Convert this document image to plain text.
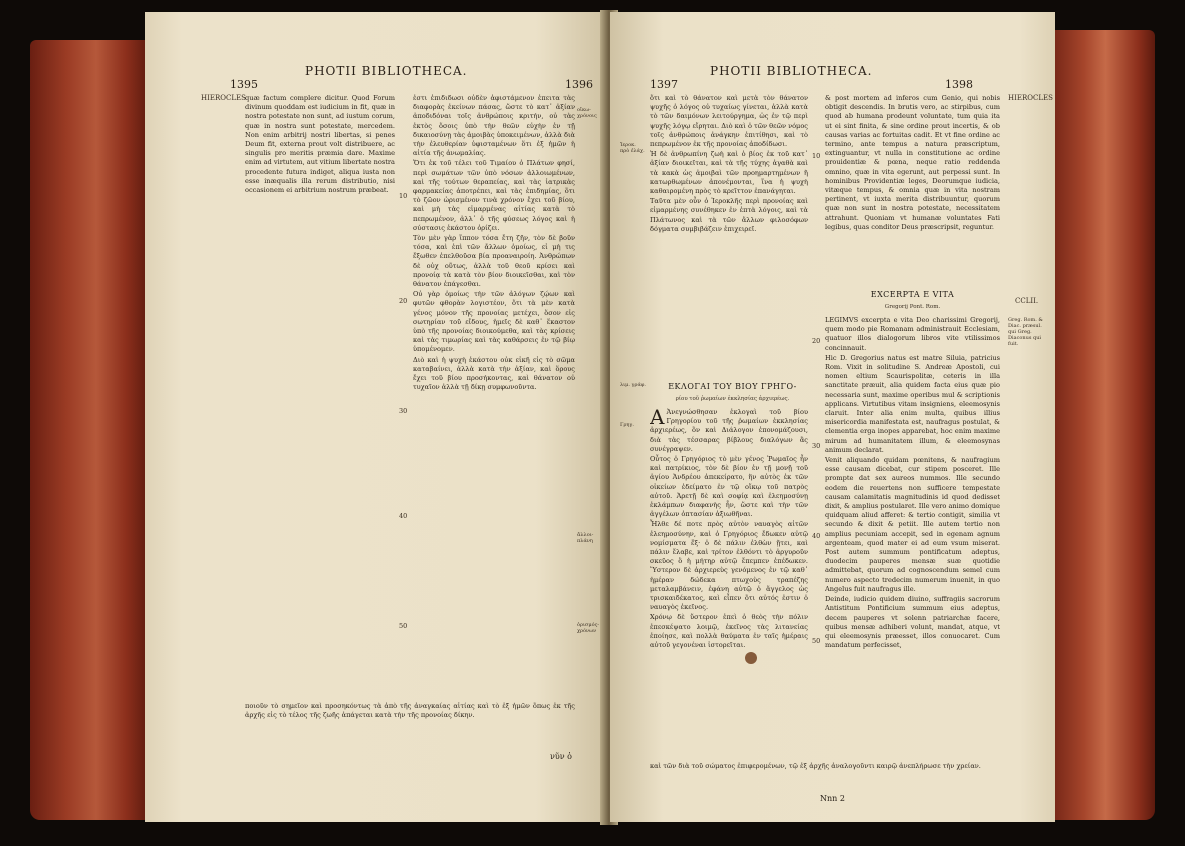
1395
PHOTII BIBLIOTHECA.
1396
HIEROCLES quæ factum complere dicitur. Quod Forum divinum quoddam est iudicium in fit, quæ in nostra potestate non sunt, ad iustum corum, quæ in nostra sunt potestate, mercedem. Non enim arbitrij nostri libertas, si penes Deum fit, externa prout volt distribuere, ac singulis pro meritis præmia dare. Maxime enim ad virtutem, aut vitium libertate nostra procedente futura indiget, aliqua iusta non esse inæqualis illa rerum distributio, nisi occasionem ei arbitrium nostrum præbeat.

ἐστι ἐπιδιδωσι οὐδὲν ἀφιστάμενον ἐπειτα τὰς διαφορὰς ἐκείνων πάσας, ὥστε τὸ κατ᾽ ἀξίαν ἀποδιδόναι τοῖς ἀνθρώποις κριτήν, οὐ τὰς ἐκτὸς ὅσοις ὑπὸ τὴν θεῶν εὐχὴν ἐν τῇ δικαιοσύνῃ τὰς ἀμοιβὰς ὑποκειμένων, ἀλλὰ διὰ τὴν ἐλευθερίαν ὑφισταμένων ὅτι ἐξ ἡμῶν ἡ αἰτία τῆς ἀνωμαλίας.

Ὅτι ἐκ τοῦ τέλει τοῦ Τιμαίου ὁ Πλάτων φησί, περὶ σωμάτων τῶν ὑπὸ νόσων ἀλλοιωμένων, καὶ τῆς τούτων θεραπείας, καὶ τὰς ἰατρικὰς φαρμακείας ἀποτρέπει, καὶ τὰς ἐπιδημίας, ὅτι τὸ ζῶον ὡρισμένον τινὰ χρόνον ἔχει τοῦ βίου, καὶ μὴ τὰς εἱμαρμένας αἰτίας κατὰ τὸ πεπρωμένον, ἀλλ᾽ ὁ τῆς φύσεως λόγος καὶ ἡ σύστασις ἑκάστου ὁρίζει.

Τὸν μὲν γὰρ ἵππον τόσα ἔτη ζῆν, τὸν δὲ βοῦν τόσα, καὶ ἐπὶ τῶν ἄλλων ὁμοίως, εἰ μὴ τις ἔξωθεν ἐπελθοῦσα βία προαναιροίη. Ἀνθρώπων δὲ οὐχ οὕτως, ἀλλὰ τοῦ θεοῦ κρίσει καὶ προνοίᾳ τὰ κατὰ τὸν βίον διοικεῖσθαι, καὶ τὸν θάνατον ἐπάγεσθαι.

Οὐ γὰρ ὁμοίως τὴν τῶν ἀλόγων ζῴων καὶ φυτῶν φθορὰν λογιστέον, ὅτι τὰ μὲν κατὰ γένος μόνον τῆς προνοίας μετέχει, ὅσον εἰς σωτηρίαν τοῦ εἴδους, ἡμεῖς δὲ καθ᾽ ἕκαστον ὑπὸ τῆς προνοίας διοικούμεθα, καὶ τὰς κρίσεις καὶ τὰς τιμωρίας καὶ τὰς καθάρσεις ἐν τῷ βίῳ ὑπομένομεν.

Διὸ καὶ ἡ ψυχὴ ἑκάστου οὐκ εἰκῆ εἰς τὸ σῶμα καταβαίνει, ἀλλὰ κατὰ τὴν ἀξίαν, καὶ ὅρους ἔχει τοῦ βίου προσήκοντας, καὶ θάνατον οὐ τυχαῖον ἀλλὰ τῇ δίκῃ συμφωνοῦντα.

10
20
30
40
50
οἴκω-χρόνοις
ἄλλοι-πλάνη
ὁρισμός-χρόνων
ποιοῦν τὸ σημεῖον καὶ προσηκόντως τὰ ἀπὸ τῆς ἀναγκαίας αἰτίας καὶ τὸ ἐξ ἡμῶν ὅπως ἐκ τῆς ἀρχῆς εἰς τὸ τέλος τῆς ζωῆς ἀπάγεται κατὰ τὴν τῆς προνοίας δίκην.
νῦν ὁ
1397
PHOTII BIBLIOTHECA.
1398

ὅτι καὶ τὸ θάνατον καὶ μετὰ τὸν θάνατον ψυχῆς ὁ λόγος οὐ τυχαίως γίνεται, ἀλλὰ κατὰ τὸ τῶν δαιμόνων λειτούργημα, ὡς ἐν τῷ περὶ ψυχῆς λόγῳ εἴρηται. Διὸ καὶ ὁ τῶν θεῶν νόμος τοῖς ἀνθρώποις ἀνάγκην ἐπιτίθησι, καὶ τὸ πεπρωμένον ἐκ τῆς προνοίας ἀποδίδωσι.

Ἡ δὲ ἀνθρωπίνη ζωὴ καὶ ὁ βίος ἐκ τοῦ κατ᾽ ἀξίαν διοικεῖται, καὶ τὰ τῆς τύχης ἀγαθὰ καὶ τὰ κακὰ ὡς ἀμοιβαὶ τῶν προημαρτημένων ἢ κατωρθωμένων ἀπονέμονται, ἵνα ἡ ψυχὴ καθαιρομένη πρὸς τὸ κρεῖττον ἐπανάγηται.

Ταῦτα μὲν οὖν ὁ Ἱεροκλῆς περὶ προνοίας καὶ εἱμαρμένης συνέθηκεν ἐν ἑπτὰ λόγοις, καὶ τὰ Πλάτωνος καὶ τὰ τῶν ἄλλων φιλοσόφων δόγματα συμβιβάζειν ἐπιχειρεῖ.

ΕΚΛΟΓΑΙ ΤΟΥ ΒΙΟΥ ΓΡΗΓΟ-
ρίου τοῦ ῥωμαίων ἐκκλησίας ἀρχιερέως.

Α Ἀνεγνώσθησαν ἐκλογαὶ τοῦ βίου Γρηγορίου τοῦ τῆς ῥωμαίων ἐκκλησίας ἀρχιερέως, ὃν καὶ Διάλογον ἐπονομάζουσι, διὰ τὰς τέσσαρας βίβλους διαλόγων ἃς συνέγραψεν.

Οὗτος ὁ Γρηγόριος τὸ μὲν γένος Ῥωμαῖος ἦν καὶ πατρίκιος, τὸν δὲ βίον ἐν τῇ μονῇ τοῦ ἁγίου Ἀνδρέου ἀπεκείρατο, ἣν αὐτὸς ἐκ τῶν οἰκείων ἐδείματο ἐν τῷ οἴκῳ τοῦ πατρὸς αὐτοῦ. Ἀρετῇ δὲ καὶ σοφίᾳ καὶ ἐλεημοσύνῃ ἐκλάμπων διαφανὴς ἦν, ὥστε καὶ τὴν τῶν ἀγγέλων ὀπτασίαν ἀξιωθῆναι.

Ἦλθε δέ ποτε πρὸς αὐτὸν ναυαγὸς αἰτῶν ἐλεημοσύνην, καὶ ὁ Γρηγόριος ἔδωκεν αὐτῷ νομίσματα ἕξ· ὁ δὲ πάλιν ἐλθὼν ᾔτει, καὶ πάλιν ἔλαβε, καὶ τρίτον ἐλθόντι τὸ ἀργυροῦν σκεῦος ὃ ἡ μήτηρ αὐτῷ ἔπεμπεν ἐπέδωκεν. Ὕστερον δὲ ἀρχιερεὺς γενόμενος ἐν τῷ καθ᾽ ἡμέραν δώδεκα πτωχοὺς τραπέζης μεταλαμβάνειν, ἐφάνη αὐτῷ ὁ ἄγγελος ὡς τρισκαιδέκατος, καὶ εἶπεν ὅτι αὐτός ἐστιν ὁ ναυαγὸς ἐκεῖνος.

Χρόνῳ δὲ ὕστερον ἐπεὶ ὁ θεὸς τὴν πόλιν ἐπεσκέψατο λοιμῷ, ἐκεῖνος τὰς λιτανείας ἐποίησε, καὶ πολλὰ θαύματα ἐν ταῖς ἡμέραις αὐτοῦ γεγονέναι ἱστορεῖται.

10
20
30
40
50
Ἱεροκ. πρὸ ἐλάχ.
λιμ. γράφ.
Γρηγ.

& post mortem ad inferos cum Genio, qui nobis obtigit descendis. In brutis vero, ac stirpibus, cum quod ab humana prodeunt voluntate, tum quia ita ut ei sint finita, & sine ordine prout incertis, & ob causas varias ac fortuitas cadit. Et vt fine ordine ac termino, ante tempus a natura præscriptum, extinguantur, vt nulla in constitutione ac ordine prouidentiæ & pœna, neque ratio reddenda omnino, quæ in vita egerunt, aut perpessi sunt. In hominibus Providentiæ leges, Deorumque iudicia, vitæque tempus, & omnia quæ in vita nostram pertinent, vt iuxta merita distribuuntur, quorum quæ non sunt in nostra potestate, necessitatem attrahunt. Quoniam vt humanæ voluntates Fati legibus, quas conditor Deus præscripsit, reguntur.

EXCERPTA E VITA
Gregorij Pont. Rom.

LEGIMVS excerpta e vita Deo charissimi Gregorij, quem modo pie Romanam administrauit Ecclesiam, quatuor illos dialogorum libros vite vtilissimos concinnauit.

Hic D. Gregorius natus est matre Siluia, patricius Rom. Vixit in solitudine S. Andreæ Apostoli, cui nomen eltium Scaurispolitæ, ceteris in illa sanctitate præuit, alia quidem facta eius quæ pio necessaria sunt, maxime operibus mul & scriptionis applicans. Virtutibus vitam insigniens, eleemosynis claruit. Inter alia enim multa, quibus illius misericordia manifestata est, naufragus postulat, & clementia erga inopes apparebat, hoc enim maxime mirum ad humanitatem illum, & eleemosynas animum declarat.

Venit aliquando quidam pœnitens, & naufragium esse causam dicebat, cur stipem posceret. Ille prompte dat sex aureos nummos. Ille secundo eodem die reuertens non sufficere tempestate causam calamitatis magnitudinis id quod dedisset dixit, & amplius postularet. Ille vero animo domique quidquam aliud afferet: & tertio contigit, similia vt secundo & dixit & petiit. Ille autem tertio non amplius pecuniam accepit, sed in egenam agnum argenteam, quod mater ei ad eum vsum miserat. Post autem summum pontificatum adeptus, duodecim pauperes mensæ suæ quotidie admittebat, quorum ad cognoscendum semel cum numero aspecto tredecim numerum inuenit, in quo Angelus fuit naufragus ille.

Deinde, iudicio quidem diuino, suffragiis sacrorum Antistitum Pontificium summum eius adeptus, decem pauperes vt solenn patriarchæ facere, quibus mensæ adhiberi volunt, mandat, atque, vt qui eleemosynis præesset, illos conuocaret. Cum mandatum perfecisset,

HIEROCLES
CCLII.
Greg. Rom. & Diac. præsul. qui Greg. Diaconus qui fuit.
καὶ τῶν διὰ τοῦ σώματος ἐπιφερομένων, τῷ ἐξ ἀρχῆς ἀναλογοῦντι καιρῷ ἀνεπλήρωσε τὴν χρείαν.
Nnn 2
